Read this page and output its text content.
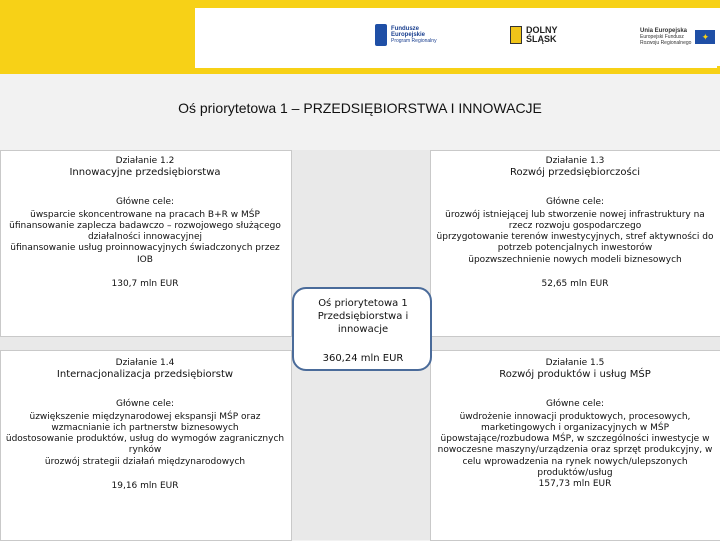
Fundusze
Europejskie
Program Regionalny
DOLNY
ŚLĄSK
Unia Europejska
Europejski Fundusz
Rozwoju Regionalnego
✦
Oś priorytetowa 1 – PRZEDSIĘBIORSTWA I INNOWACJE
Działanie 1.2
Innowacyjne przedsiębiorstwa
Główne cele:
üwsparcie skoncentrowane na pracach B+R w MŚP
üfinansowanie zaplecza badawczo – rozwojowego służącego działalności innowacyjnej
üfinansowanie usług proinnowacyjnych świadczonych przez IOB
130,7 mln EUR
Działanie 1.3
Rozwój przedsiębiorczości
Główne cele:
ürozwój istniejącej lub stworzenie nowej infrastruktury na rzecz rozwoju gospodarczego
üprzygotowanie terenów inwestycyjnych, stref aktywności do potrzeb potencjalnych inwestorów
üpozwszechnienie nowych modeli biznesowych
52,65 mln EUR
Działanie 1.4
Internacjonalizacja przedsiębiorstw
Główne cele:
üzwiększenie międzynarodowej ekspansji MŚP oraz wzmacnianie ich partnerstw biznesowych
üdostosowanie produktów, usług do wymogów zagranicznych rynków
ürozwój strategii działań międzynarodowych
19,16 mln EUR
Działanie 1.5
Rozwój produktów i usług MŚP
Główne cele:
üwdrożenie innowacji produktowych, procesowych, marketingowych i organizacyjnych w MŚP
üpowstające/rozbudowa MŚP, w szczególności inwestycje w nowoczesne maszyny/urządzenia oraz sprzęt produkcyjny, w celu wprowadzenia na rynek nowych/ulepszonych produktów/usług
157,73 mln EUR
Oś priorytetowa 1 Przedsiębiorstwa i innowacje
360,24 mln EUR
